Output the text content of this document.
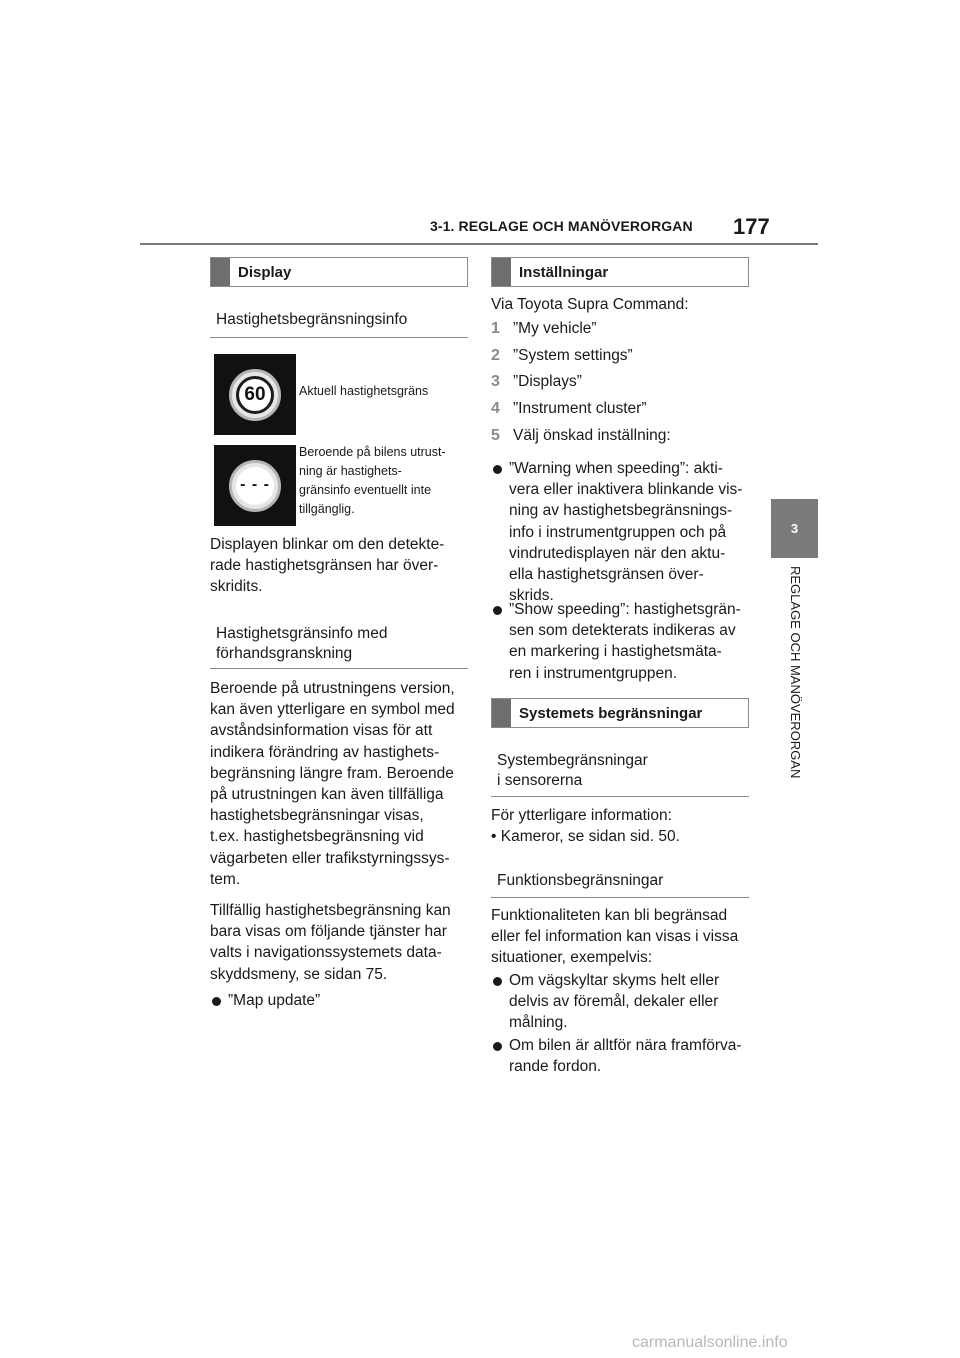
3-1. REGLAGE OCH MANÖVERORGAN 177
3
REGLAGE OCH MANÖVERORGAN
Display
Hastighetsbegränsningsinfo
60	Aktuell hastighetsgräns
- - -
Beroende på bilens utrust-
ning är hastighets-
gränsinfo eventuellt inte
tillgänglig.
Displayen blinkar om den detekte-
rade hastighetsgränsen har över-
skridits.
Hastighetsgränsinfo med
förhandsgranskning
Beroende på utrustningens version,
kan även ytterligare en symbol med
avståndsinformation visas för att
indikera förändring av hastighets-
begränsning längre fram. Beroende
på utrustningen kan även tillfälliga
hastighetsbegränsningar visas,
t.ex. hastighetsbegränsning vid
vägarbeten eller trafikstyrningssys-
tem.
Tillfällig hastighetsbegränsning kan
bara visas om följande tjänster har
valts i navigationssystemets data-
skyddsmeny, se sidan 75.
”Map update”
Inställningar
Via Toyota Supra Command:
1 ”My vehicle”
2 ”System settings”
3 ”Displays”
4 ”Instrument cluster”
5 Välj önskad inställning:
”Warning when speeding”: akti-
vera eller inaktivera blinkande vis-
ning av hastighetsbegränsnings-
info i instrumentgruppen och på
vindrutedisplayen när den aktu-
ella hastighetsgränsen över-
skrids.
”Show speeding”: hastighetsgrän-
sen som detekterats indikeras av
en markering i hastighetsmäta-
ren i instrumentgruppen.
Systemets begränsningar
Systembegränsningar
i sensorerna
För ytterligare information:
• Kameror, se sidan sid. 50.
Funktionsbegränsningar
Funktionaliteten kan bli begränsad
eller fel information kan visas i vissa
situationer, exempelvis:
Om vägskyltar skyms helt eller
delvis av föremål, dekaler eller
målning.
Om bilen är alltför nära framförva-
rande fordon.
carmanualsonline.info
